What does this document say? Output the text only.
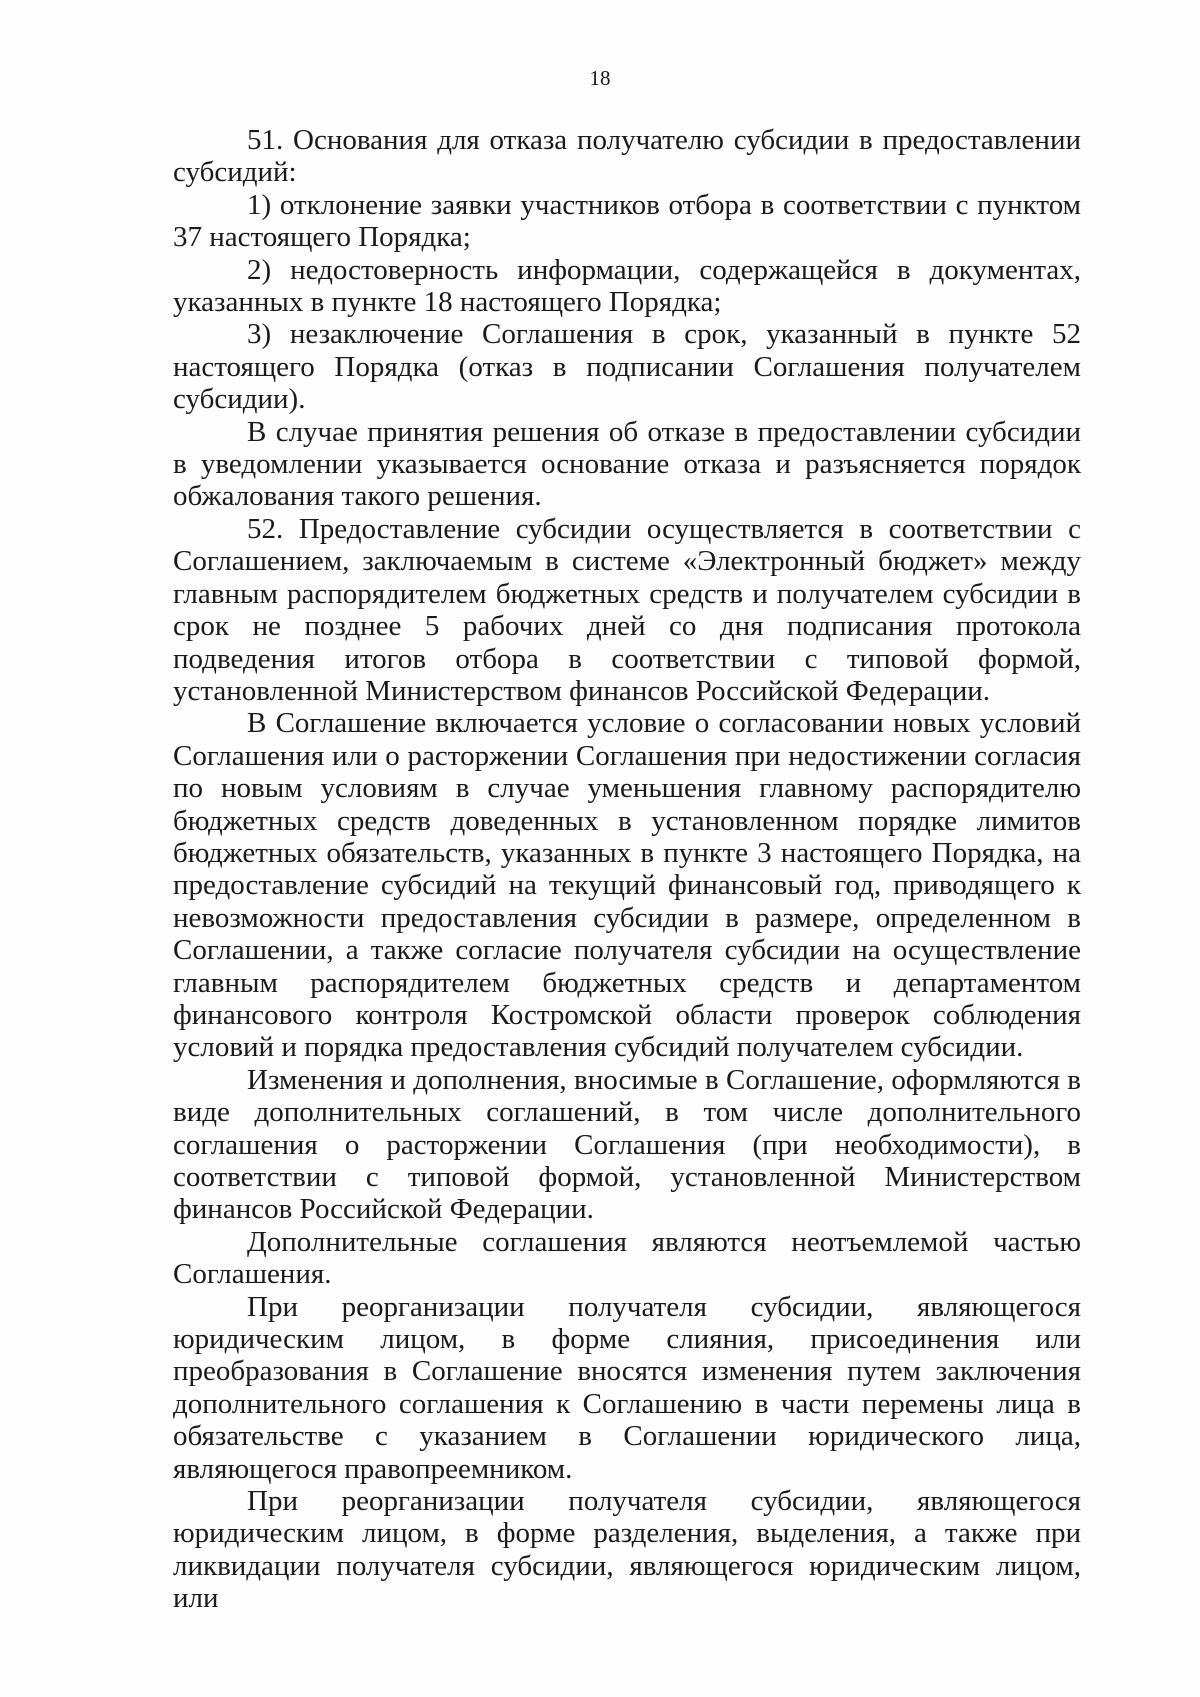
18

51. Основания для отказа получателю субсидии в предоставлении субсидий:

1) отклонение заявки участников отбора в соответствии с пунктом 37 настоящего Порядка;

2) недостоверность информации, содержащейся в документах, указанных в пункте 18 настоящего Порядка;

3) незаключение Соглашения в срок, указанный в пункте 52 настоящего Порядка (отказ в подписании Соглашения получателем субсидии).

В случае принятия решения об отказе в предоставлении субсидии в уведомлении указывается основание отказа и разъясняется порядок обжалования такого решения.

52. Предоставление субсидии осуществляется в соответствии с Соглашением, заключаемым в системе «Электронный бюджет» между главным распорядителем бюджетных средств и получателем субсидии в срок не позднее 5 рабочих дней со дня подписания протокола подведения итогов отбора в соответствии с типовой формой, установленной Министерством финансов Российской Федерации.

В Соглашение включается условие о согласовании новых условий Соглашения или о расторжении Соглашения при недостижении согласия по новым условиям в случае уменьшения главному распорядителю бюджетных средств доведенных в установленном порядке лимитов бюджетных обязательств, указанных в пункте 3 настоящего Порядка, на предоставление субсидий на текущий финансовый год, приводящего к невозможности предоставления субсидии в размере, определенном в Соглашении, а также согласие получателя субсидии на осуществление главным распорядителем бюджетных средств и департаментом финансового контроля Костромской области проверок соблюдения условий и порядка предоставления субсидий получателем субсидии.

Изменения и дополнения, вносимые в Соглашение, оформляются в виде дополнительных соглашений, в том числе дополнительного соглашения о расторжении Соглашения (при необходимости), в соответствии с типовой формой, установленной Министерством финансов Российской Федерации.

Дополнительные соглашения являются неотъемлемой частью Соглашения.

При реорганизации получателя субсидии, являющегося юридическим лицом, в форме слияния, присоединения или преобразования в Соглашение вносятся изменения путем заключения дополнительного соглашения к Соглашению в части перемены лица в обязательстве с указанием в Соглашении юридического лица, являющегося правопреемником.

При реорганизации получателя субсидии, являющегося юридическим лицом, в форме разделения, выделения, а также при ликвидации получателя субсидии, являющегося юридическим лицом, или
